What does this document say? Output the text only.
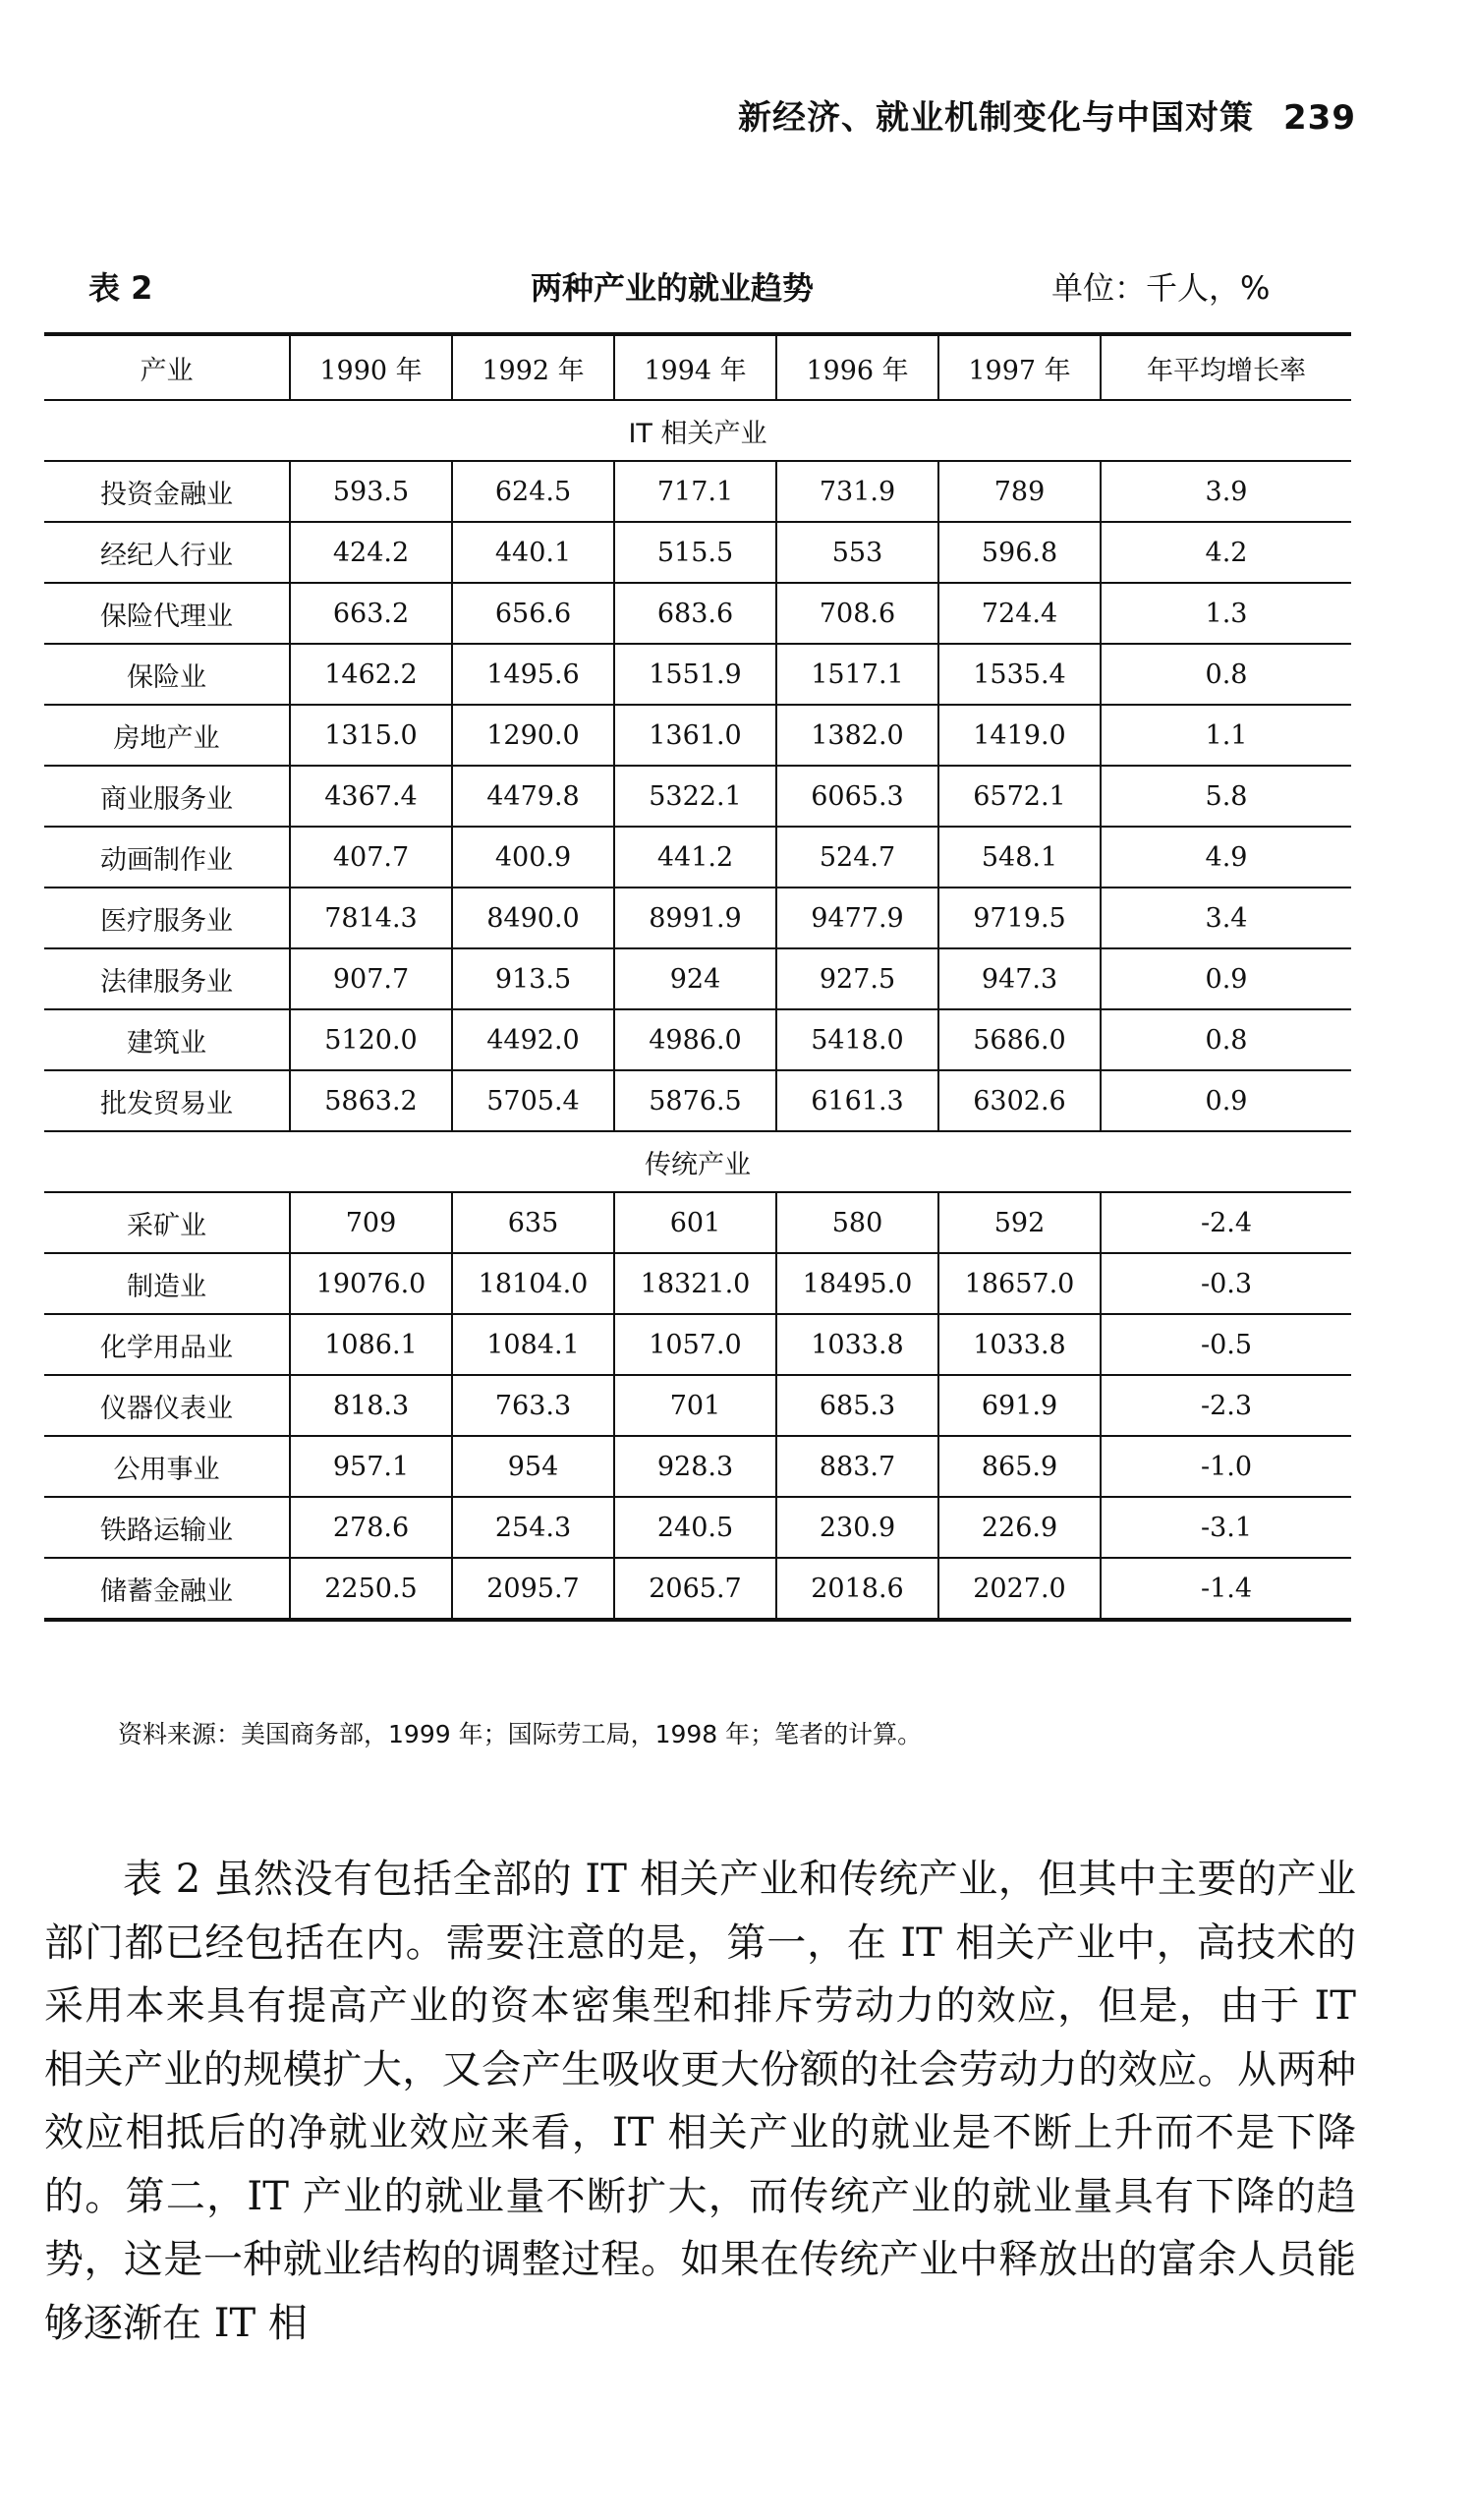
新经济、就业机制变化与中国对策 239
表 2	两种产业的就业趋势	单位：千人，%
产业	1990 年	1992 年	1994 年	1996 年	1997 年	年平均增长率
IT 相关产业						
投资金融业	593.5	624.5	717.1	731.9	789	3.9
经纪人行业	424.2	440.1	515.5	553	596.8	4.2
保险代理业	663.2	656.6	683.6	708.6	724.4	1.3
保险业	1462.2	1495.6	1551.9	1517.1	1535.4	0.8
房地产业	1315.0	1290.0	1361.0	1382.0	1419.0	1.1
商业服务业	4367.4	4479.8	5322.1	6065.3	6572.1	5.8
动画制作业	407.7	400.9	441.2	524.7	548.1	4.9
医疗服务业	7814.3	8490.0	8991.9	9477.9	9719.5	3.4
法律服务业	907.7	913.5	924	927.5	947.3	0.9
建筑业	5120.0	4492.0	4986.0	5418.0	5686.0	0.8
批发贸易业	5863.2	5705.4	5876.5	6161.3	6302.6	0.9
传统产业						
采矿业	709	635	601	580	592	-2.4
制造业	19076.0	18104.0	18321.0	18495.0	18657.0	-0.3
化学用品业	1086.1	1084.1	1057.0	1033.8	1033.8	-0.5
仪器仪表业	818.3	763.3	701	685.3	691.9	-2.3
公用事业	957.1	954	928.3	883.7	865.9	-1.0
铁路运输业	278.6	254.3	240.5	230.9	226.9	-3.1
储蓄金融业	2250.5	2095.7	2065.7	2018.6	2027.0	-1.4
资料来源：美国商务部，1999 年；国际劳工局，1998 年；笔者的计算。

表 2 虽然没有包括全部的 IT 相关产业和传统产业，但其中主要的产业部门都已经包括在内。需要注意的是，第一，在 IT 相关产业中，高技术的采用本来具有提高产业的资本密集型和排斥劳动力的效应，但是，由于 IT 相关产业的规模扩大，又会产生吸收更大份额的社会劳动力的效应。从两种效应相抵后的净就业效应来看，IT 相关产业的就业是不断上升而不是下降的。第二，IT 产业的就业量不断扩大，而传统产业的就业量具有下降的趋势，这是一种就业结构的调整过程。如果在传统产业中释放出的富余人员能够逐渐在 IT 相
